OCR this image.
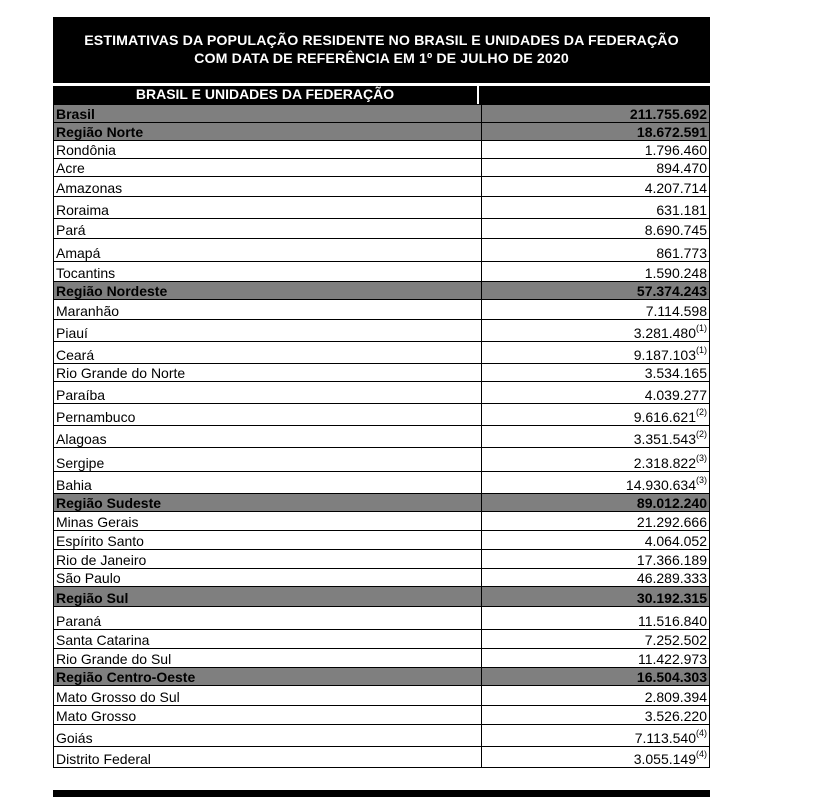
ESTIMATIVAS DA POPULAÇÃO RESIDENTE NO BRASIL E UNIDADES DA FEDERAÇÃO
COM DATA DE REFERÊNCIA EM 1º DE JULHO DE 2020
BRASIL E UNIDADES DA FEDERAÇÃO
Brasil	211.755.692
Região Norte	18.672.591
Rondônia	1.796.460
Acre	894.470
Amazonas	4.207.714
Roraima	631.181
Pará	8.690.745
Amapá	861.773
Tocantins	1.590.248
Região Nordeste	57.374.243
Maranhão	7.114.598
Piauí	3.281.480$^{(1)}$
Ceará	9.187.103$^{(1)}$
Rio Grande do Norte	3.534.165
Paraíba	4.039.277
Pernambuco	9.616.621$^{(2)}$
Alagoas	3.351.543$^{(2)}$
Sergipe	2.318.822$^{(3)}$
Bahia	14.930.634$^{(3)}$
Região Sudeste	89.012.240
Minas Gerais	21.292.666
Espírito Santo	4.064.052
Rio de Janeiro	17.366.189
São Paulo	46.289.333
Região Sul	30.192.315
Paraná	11.516.840
Santa Catarina	7.252.502
Rio Grande do Sul	11.422.973
Região Centro-Oeste	16.504.303
Mato Grosso do Sul	2.809.394
Mato Grosso	3.526.220
Goiás	7.113.540$^{(4)}$
Distrito Federal	3.055.149$^{(4)}$
